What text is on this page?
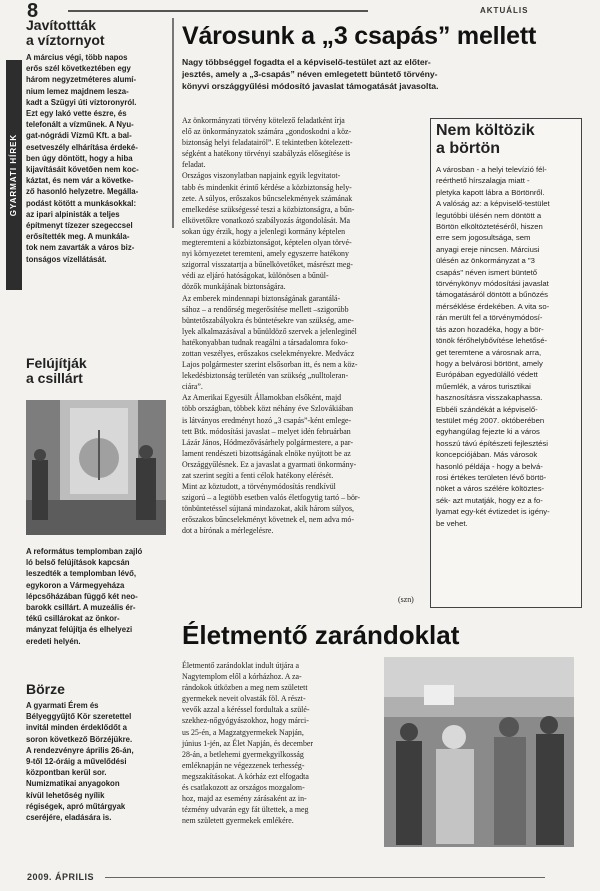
8	AKTUÁLIS
GYARMATI HÍREK
Javítottták
a víztornyot
A március végi, több napos
erős szél következtében egy
három negyzetméteres alumí-
nium lemez majdnem lesza-
kadt a Szügyi úti víztoronyról.
Ezt egy lakó vette észre, és
telefonált a vízműnek. A Nyu-
gat-nógrádi Vízmű Kft. a bal-
esetveszély elhárítása érdeké-
ben úgy döntött, hogy a hiba
kijavításáit követően nem koc-
káztat, és nem vár a követke-
ző hasonló helyzetre. Megálla-
podást kötött a munkásokkal:
az ipari alpinisták a teljes
építmenyt tízezer szegeccsel
erősítették meg. A munkála-
tok nem zavarták a város biz-
tonságos vízellátását.
Felújítják
a csillárt
A református templomban zajló
ló belső felújítások kapcsán
leszedték a templomban lévő,
egykoron a Vármegyeháza
lépcsőházában függő két neo-
barokk csillárt. A muzeális ér-
tékű csillárokat az önkor-
mányzat felújítja és elhelyezi
eredeti helyén.
Börze
A gyarmati Érem és
Bélyeggyűjtő Kör szeretettel
invitál minden érdeklődőt a
soron következő Börzéjükre.
A rendezvényre április 26-án,
9-től 12-óráig a művelődési
központban kerül sor.
Numizmatikai anyagokon
kívül lehetőség nyílik
régiségek, apró műtárgyak
cseréjére, eladására is.
Városunk a „3 csapás” mellett
Nagy többséggel fogadta el a képviselő-testület azt az előter-
jesztés, amely a „3-csapás” néven emlegetett büntető törvény-
könyvi országgyűlési módosító javaslat támogatását javasolta.
Az önkormányzati törvény kötelező feladatként írja
elő az önkormányzatok számára „gondoskodni a köz-
biztonság helyi feladatairól”. E tekintetben kötelezett-
ségként a hatékony törvényi szabályzás elősegítése is
feladat.
Országos viszonylatban napjaink egyik legvitatot-
tabb és mindenkit érintő kérdése a közbiztonság hely-
zete. A súlyos, erőszakos bűncselekmények számának
emelkedése szükségessé teszi a közbiztonságra, a bűn-
elkövetőkre vonatkozó szabályozás átgondolását. Ma
sokan úgy érzik, hogy a jelenlegi kormány képtelen
megteremteni a közbiztonságot, képtelen olyan törvé-
nyi környezetet teremteni, amely egyszerre hatékony
szigorral visszatartja a bűnelkövetőket, másrészt meg-
védi az eljáró hatóságokat, különösen a bűnül-
dözők munkájának biztonságára.
Az emberek mindennapi biztonságának garantálá-
sához – a rendőrség megerősítése mellett –szigorúbb
büntetőszabályokra és büntetésekre van szükség, ame-
lyek alkalmazásával a bűnüldöző szervek a jelenleginél
hatékonyabban tudnak reagálni a társadalomra foko-
zottan veszélyes, erőszakos cselekményekre. Medvácz
Lajos polgármester szerint elsősorban itt, és nem a köz-
lekedésbiztonság területén van szükség „nulltoleran-
ciára”.
Az Amerikai Egyesült Államokban elsőként, majd
több országban, többek közt néhány éve Szlovákiában
is látványos eredményt hozó „3 csapás”-ként emlege-
tett Btk. módosítási javaslat – melyet idén februárban
Lázár János, Hódmezővásárhely polgármestere, a par-
lament rendészeti bizottságának elnöke nyújtott be az
Országgyűlésnek. Ez a javaslat a gyarmati önkormány-
zat szerint segíti a fenti célok hatékony elérését.
Mint az köztudott, a törvénymódosítás rendkívül
szigorú – a legtöbb esetben valós életfogytig tartó – bör-
tönbüntetéssel sújtaná mindazokat, akik három súlyos,
erőszakos bűncselekményt követnek el, nem adva mó-
dot a bírónak a mérlegelésre.
(szn)
Nem költözik
a börtön
A városban - a helyi televízió fél-
reérthető hírszalagja miatt -
pletyka kapott lábra a Börtönről.
A valóság az: a képviselő-testület
legutóbbi ülésén nem döntött a
Börtön elköltöztetéséről, hiszen
erre sem jogosultsága, sem
anyagi ereje nincsen. Márciusi
ülésén az önkormányzat a "3
csapás" néven ismert büntető
törvénykönyv módosítási javaslat
támogatásáról döntött a bűnözés
mérséklése érdekében. A vita so-
rán merült fel a törvénymódosí-
tás azon hozadéka, hogy a bör-
tönök férőhelybővítése lehetősé-
get teremtene a városnak arra,
hogy a belvárosi börtönt, amely
Európában egyedülálló védett
műemlék, a város turisztikai
hasznosításra visszakaphassa.
Ebbéli szándékát a képviselő-
testület még 2007. októberében
egyhangúlag fejezte ki a város
hosszú távú építészeti fejlesztési
koncepciójában. Más városok
hasonló példája - hogy a belvá-
rosi értékes területen lévő börtö-
nöket a város szélére költöztes-
sék- azt mutatják, hogy ez a fo-
lyamat egy-két évtizedet is igény-
be vehet.
Életmentő zarándoklat
Életmentő zarándoklat indult útjára a
Nagytemplom elől a kórházhoz. A za-
rándokok útközben a meg nem született
gyermekek neveit olvasták föl. A részt-
vevők azzal a kéréssel fordultak a szülé-
szekhez-nőgyógyászokhoz, hogy márci-
us 25-én, a Magzatgyermekek Napján,
június 1-jén, az Élet Napján, és december
28-án, a betlehemi gyermekgyilkosság
emléknapján ne végezzenek terhesség-
megszakításokat. A kórház ezt elfogadta
és csatlakozott az országos mozgalom-
hoz, majd az esemény zárásaként az in-
tézmény udvarán egy fát ültettek, a meg
nem született gyermekek emlékére.
2009. ÁPRILIS
